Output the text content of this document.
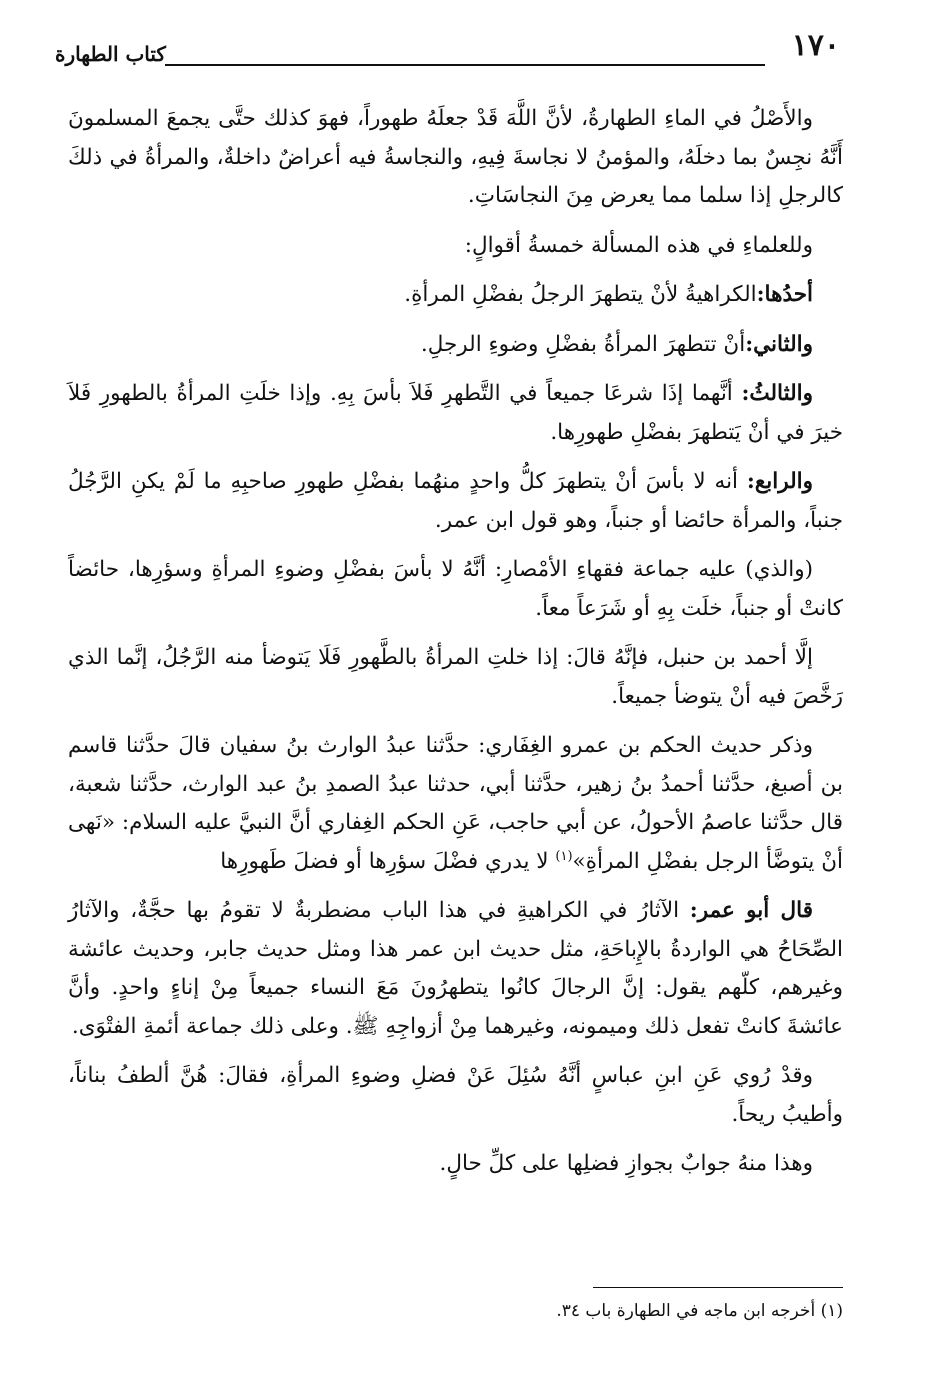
١٧٠
كتاب الطهارة

والأَصْلُ في الماءِ الطهارةُ، لأنَّ اللَّهَ قَدْ جعلَهُ طهوراً، فهوَ كذلك حتَّى يجمعَ المسلمونَ أَنَّهُ نجِسٌ بما دخلَهُ، والمؤمنُ لا نجاسةَ فِيهِ، والنجاسةُ فيه أعراضٌ داخلةٌ، والمرأةُ في ذلكَ كالرجلِ إذا سلما مما يعرض مِنَ النجاسَاتِ.

وللعلماءِ في هذه المسألة خمسةُ أقوالٍ:

أحدُها:الكراهيةُ لأنْ يتطهرَ الرجلُ بفضْلِ المرأةِ.

والثاني:أنْ تتطهرَ المرأةُ بفضْلِ وضوءِ الرجلِ.

والثالثُ: أنَّهما إذَا شرعَا جميعاً في التَّطهرِ فَلاَ بأسَ بِهِ. وإذا خلَتِ المرأةُ بالطهورِ فَلاَ خيرَ في أنْ يَتطهرَ بفضْلِ طهورِها.

والرابع: أنه لا بأسَ أنْ يتطهرَ كلُّ واحدٍ منهُما بفضْلِ طهورِ صاحبِهِ ما لَمْ يكنِ الرَّجُلُ جنباً، والمرأة حائضا أو جنباً، وهو قول ابن عمر.

(والذي) عليه جماعة فقهاءِ الأمْصارِ: أنَّهُ لا بأسَ بفضْلِ وضوءِ المرأةِ وسؤرِها، حائضاً كانتْ أو جنباً، خلَت بِهِ أو شَرَعاً معاً.

إلَّا أحمد بن حنبل، فإنَّهُ قالَ: إذا خلتِ المرأةُ بالطَّهورِ فَلَا يَتوضأ منه الرَّجُلُ، إنَّما الذي رَخَّصَ فيه أنْ يتوضأ جميعاً.

وذكر حديث الحكم بن عمرو الغِفَاري: حدَّثنا عبدُ الوارث بنُ سفيان قالَ حدَّثنا قاسم بن أصبغ، حدَّثنا أحمدُ بنُ زهير، حدَّثنا أبي، حدثنا عبدُ الصمدِ بنُ عبد الوارث، حدَّثنا شعبة، قال حدَّثنا عاصمُ الأحولُ، عن أبي حاجب، عَنِ الحكم الغِفاري أنَّ النبيَّ عليه السلام: «نَهى أنْ يتوضَّأ الرجل بفضْلِ المرأةِ»$^{(١)}$ لا يدري فضْلَ سؤرِها أو فضلَ طَهورِها

قال أبو عمر: الآثارُ في الكراهيةِ في هذا الباب مضطربةٌ لا تقومُ بها حجَّةٌ، والآثارُ الصِّحَاحُ هي الواردةُ بالإِباحَةِ، مثل حديث ابن عمر هذا ومثل حديث جابر، وحديث عائشة وغيرهم، كلّهم يقول: إنَّ الرجالَ كانُوا يتطهرُونَ مَعَ النساء جميعاً مِنْ إناءٍ واحدٍ. وأنَّ عائشةَ كانتْ تفعل ذلك وميمونه، وغيرهما مِنْ أزواجِهِ ﷺ. وعلى ذلك جماعة أئمةِ الفتْوَى.

وقدْ رُوي عَنِ ابنِ عباسٍ أنَّهُ سُئِلَ عَنْ فضلِ وضوءِ المرأةِ، فقالَ: هُنَّ ألطفُ بناناً، وأطيبُ ريحاً.

وهذا منهُ جوابٌ بجوازِ فضلِها على كلِّ حالٍ.

(١) أخرجه ابن ماجه في الطهارة باب ٣٤.
